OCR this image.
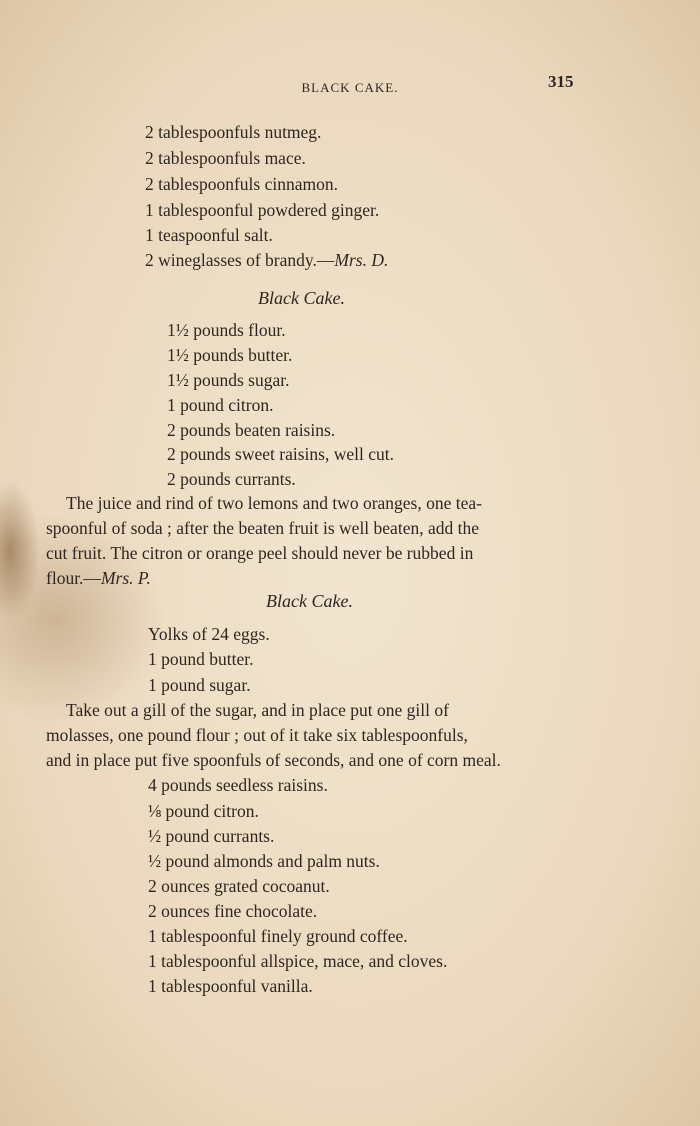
BLACK CAKE.	315
2 tablespoonfuls nutmeg.
2 tablespoonfuls mace.
2 tablespoonfuls cinnamon.
1 tablespoonful powdered ginger.
1 teaspoonful salt.
2 wineglasses of brandy.—Mrs. D.
Black Cake.
1½ pounds flour.
1½ pounds butter.
1½ pounds sugar.
1 pound citron.
2 pounds beaten raisins.
2 pounds sweet raisins, well cut.
2 pounds currants.
The juice and rind of two lemons and two oranges, one tea-
spoonful of soda ; after the beaten fruit is well beaten, add the
cut fruit. The citron or orange peel should never be rubbed in
flour.—Mrs. P.
Black Cake.
Yolks of 24 eggs.
1 pound butter.
1 pound sugar.
Take out a gill of the sugar, and in place put one gill of
molasses, one pound flour ; out of it take six tablespoonfuls,
and in place put five spoonfuls of seconds, and one of corn meal.
4 pounds seedless raisins.
⅛ pound citron.
½ pound currants.
½ pound almonds and palm nuts.
2 ounces grated cocoanut.
2 ounces fine chocolate.
1 tablespoonful finely ground coffee.
1 tablespoonful allspice, mace, and cloves.
1 tablespoonful vanilla.
